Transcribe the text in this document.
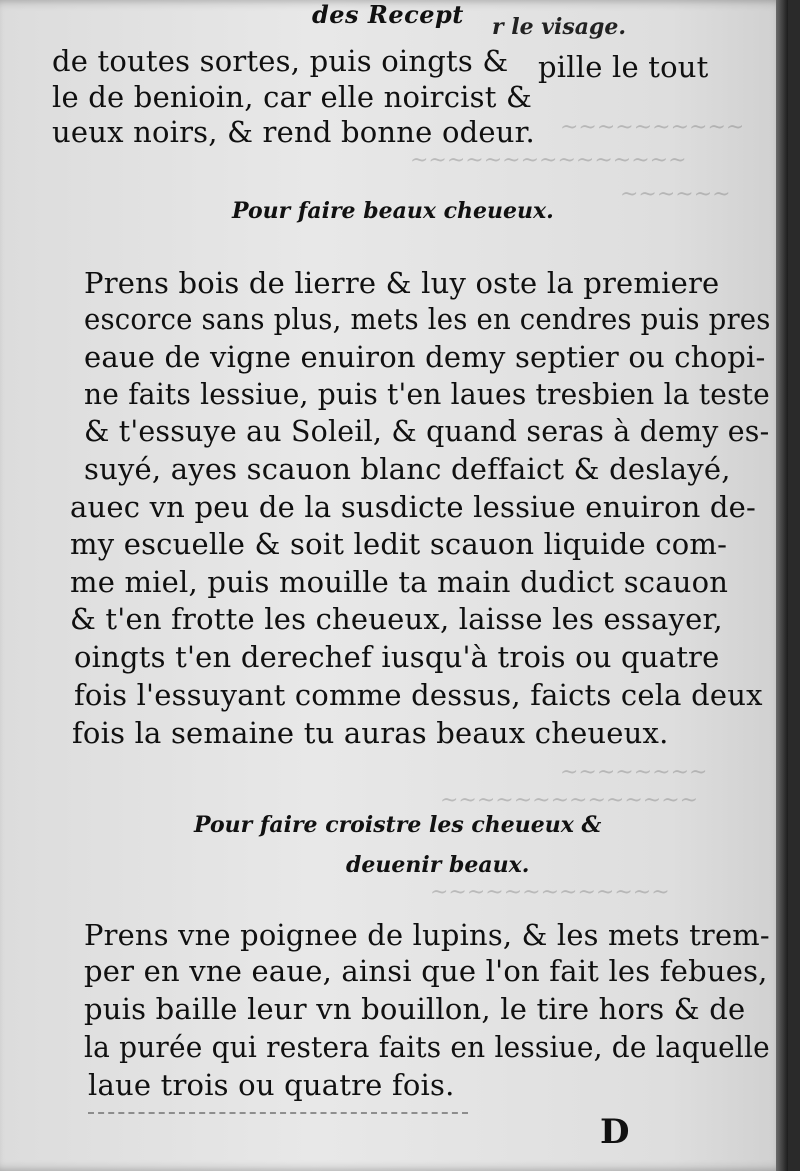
~~~~~~~~~~
~~~~~~~~~~~~~~~
~~~~~~
~~~~~~~~
~~~~~~~~~~~~~~
~~~~~~~~~~~~~
des Recept r le visage.
de toutes sortes, puis oingts & pille le tout
le de benioin, car elle noircist &
ueux noirs, & rend bonne odeur.
Pour faire beaux cheueux.
Prens bois de lierre & luy oste la premiere
escorce sans plus, mets les en cendres puis pres
eaue de vigne enuiron demy septier ou chopi-
ne faits lessiue, puis t'en laues tresbien la teste
& t'essuye au Soleil, & quand seras à demy es-
suyé, ayes scauon blanc deffaict & deslayé,
auec vn peu de la susdicte lessiue enuiron de-
my escuelle & soit ledit scauon liquide com-
me miel, puis mouille ta main dudict scauon
& t'en frotte les cheueux, laisse les essayer,
oingts t'en derechef iusqu'à trois ou quatre
fois l'essuyant comme dessus, faicts cela deux
fois la semaine tu auras beaux cheueux.
Pour faire croistre les cheueux &
deuenir beaux.
Prens vne poignee de lupins, & les mets trem-
per en vne eaue, ainsi que l'on fait les febues,
puis baille leur vn bouillon, le tire hors & de
la purée qui restera faits en lessiue, de laquelle
laue trois ou quatre fois.
D
